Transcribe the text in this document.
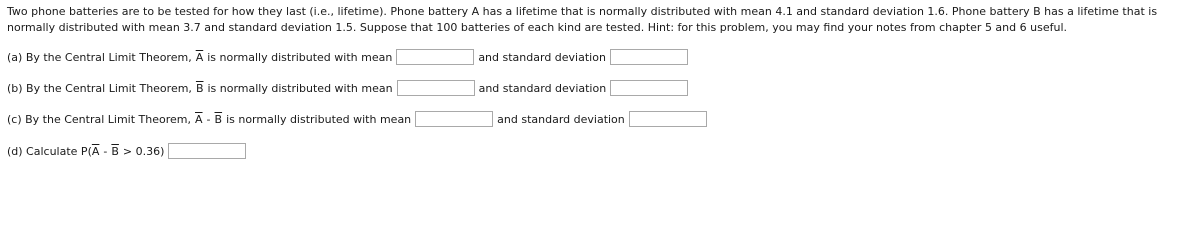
Two phone batteries are to be tested for how they last (i.e., lifetime). Phone battery A has a lifetime that is normally distributed with mean 4.1 and standard deviation 1.6. Phone battery B has a lifetime that is normally distributed with mean 3.7 and standard deviation 1.5. Suppose that 100 batteries of each kind are tested. Hint: for this problem, you may find your notes from chapter 5 and 6 useful.

(a) By the Central Limit Theorem, $\overline{A}$ is normally distributed with mean	and standard deviation
(b) By the Central Limit Theorem, $\overline{B}$ is normally distributed with mean	and standard deviation
(c) By the Central Limit Theorem, $\overline{A} - \overline{B}$ is normally distributed with mean	and standard deviation
(d) Calculate P( $\overline{A} - \overline{B} > 0.36$)
